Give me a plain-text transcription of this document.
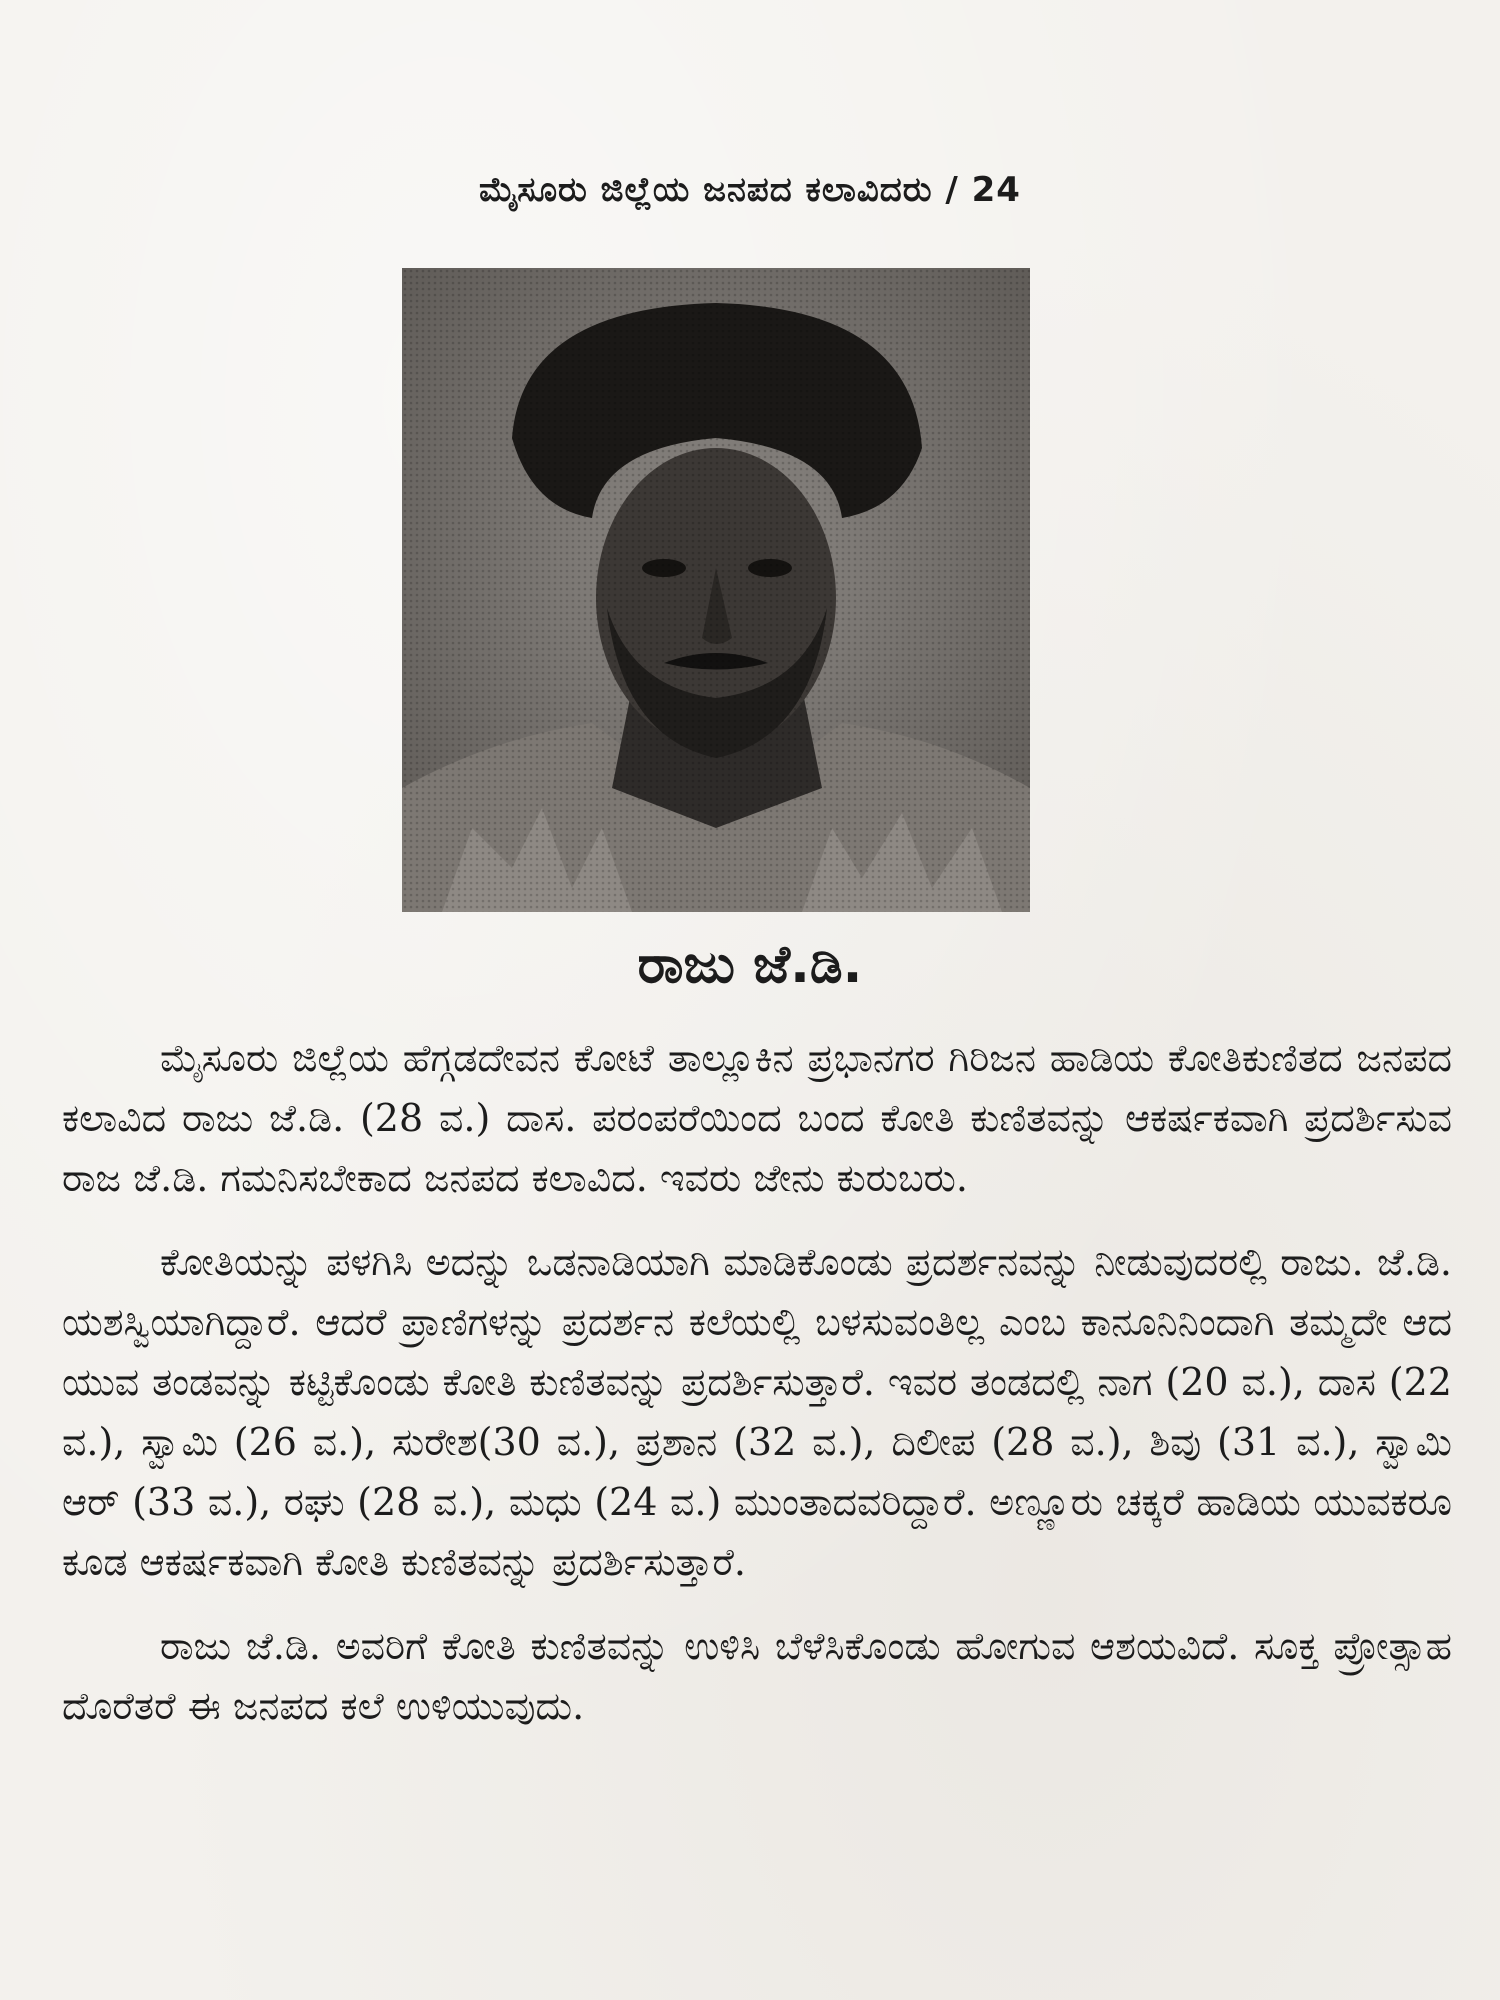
ಮೈಸೂರು ಜಿಲ್ಲೆಯ ಜನಪದ ಕಲಾವಿದರು / 24
ರಾಜು ಜೆ.ಡಿ.

ಮೈಸೂರು ಜಿಲ್ಲೆಯ ಹೆಗ್ಗಡದೇವನ ಕೋಟೆ ತಾಲ್ಲೂಕಿನ ಪ್ರಭಾನಗರ ಗಿರಿಜನ ಹಾಡಿಯ ಕೋತಿಕುಣಿತದ ಜನಪದ ಕಲಾವಿದ ರಾಜು ಜೆ.ಡಿ. (28 ವ.) ದಾಸ. ಪರಂಪರೆಯಿಂದ ಬಂದ ಕೋತಿ ಕುಣಿತವನ್ನು ಆಕರ್ಷಕವಾಗಿ ಪ್ರದರ್ಶಿಸುವ ರಾಜ ಜೆ.ಡಿ. ಗಮನಿಸಬೇಕಾದ ಜನಪದ ಕಲಾವಿದ. ಇವರು ಜೇನು ಕುರುಬರು.

ಕೋತಿಯನ್ನು ಪಳಗಿಸಿ ಅದನ್ನು ಒಡನಾಡಿಯಾಗಿ ಮಾಡಿಕೊಂಡು ಪ್ರದರ್ಶನವನ್ನು ನೀಡುವುದರಲ್ಲಿ ರಾಜು. ಜೆ.ಡಿ. ಯಶಸ್ವಿಯಾಗಿದ್ದಾರೆ. ಆದರೆ ಪ್ರಾಣಿಗಳನ್ನು ಪ್ರದರ್ಶನ ಕಲೆಯಲ್ಲಿ ಬಳಸುವಂತಿಲ್ಲ ಎಂಬ ಕಾನೂನಿನಿಂದಾಗಿ ತಮ್ಮದೇ ಆದ ಯುವ ತಂಡವನ್ನು ಕಟ್ಟಿಕೊಂಡು ಕೋತಿ ಕುಣಿತವನ್ನು ಪ್ರದರ್ಶಿಸುತ್ತಾರೆ. ಇವರ ತಂಡದಲ್ಲಿ ನಾಗ (20 ವ.), ದಾಸ (22 ವ.), ಸ್ವಾಮಿ (26 ವ.), ಸುರೇಶ(30 ವ.), ಪ್ರಶಾನ (32 ವ.), ದಿಲೀಪ (28 ವ.), ಶಿವು (31 ವ.), ಸ್ವಾಮಿ ಆರ್ (33 ವ.), ರಘು (28 ವ.), ಮಧು (24 ವ.) ಮುಂತಾದವರಿದ್ದಾರೆ. ಅಣ್ಣೂರು ಚಕ್ಕರೆ ಹಾಡಿಯ ಯುವಕರೂ ಕೂಡ ಆಕರ್ಷಕವಾಗಿ ಕೋತಿ ಕುಣಿತವನ್ನು ಪ್ರದರ್ಶಿಸುತ್ತಾರೆ.

ರಾಜು ಜೆ.ಡಿ. ಅವರಿಗೆ ಕೋತಿ ಕುಣಿತವನ್ನು ಉಳಿಸಿ ಬೆಳೆಸಿಕೊಂಡು ಹೋಗುವ ಆಶಯವಿದೆ. ಸೂಕ್ತ ಪ್ರೋತ್ಸಾಹ ದೊರೆತರೆ ಈ ಜನಪದ ಕಲೆ ಉಳಿಯುವುದು.
